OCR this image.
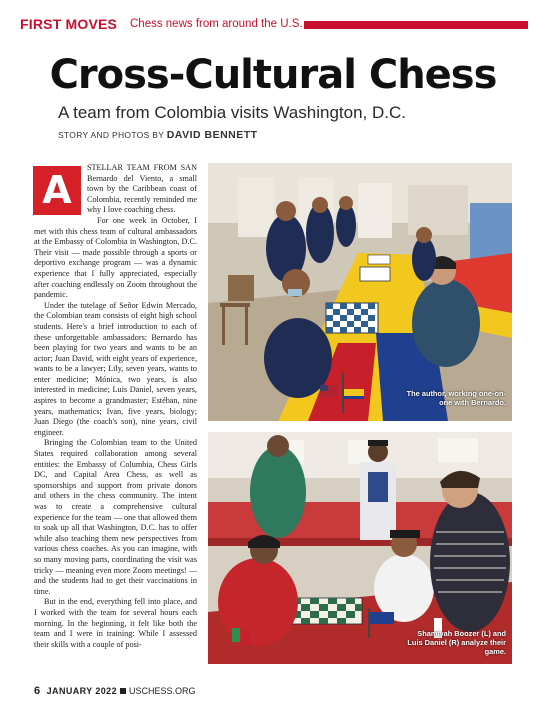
FIRST MOVES Chess news from around the U.S.
Cross-Cultural Chess
A team from Colombia visits Washington, D.C.
STORY AND PHOTOS BY DAVID BENNETT
A

STELLAR TEAM FROM SAN Bernardo del Viento, a small town by the Caribbean coast of Colombia, recently reminded me why I love coaching chess.

For one week in October, I met with this chess team of cultural ambassadors at the Embassy of Colombia in Washington, D.C. Their visit — made possible through a sports or deportivo exchange program — was a dynamic experience that I fully appreciated, especially after coaching endlessly on Zoom throughout the pandemic.

Under the tutelage of Señor Edwin Mercado, the Colombian team consists of eight high school students. Here's a brief introduction to each of these unforgettable ambassadors: Bernardo has been playing for two years and wants to be an actor; Juan David, with eight years of experience, wants to be a lawyer; Lily, seven years, wants to enter medicine; Mónica, two years, is also interested in medicine; Luis Daniel, seven years, aspires to become a grandmaster; Estéban, nine years, mathematics; Ivan, five years, biology; Juan Diego (the coach's son), nine years, civil engineer.

Bringing the Colombian team to the United States required collaboration among several entities: the Embassy of Columbia, Chess Girls DC, and Capital Area Chess, as well as sponsorships and support from private donors and others in the chess community. The intent was to create a comprehensive cultural experience for the team — one that allowed them to soak up all that Washington, D.C. has to offer while also teaching them new perspectives from various chess coaches. As you can imagine, with so many moving parts, coordinating the visit was tricky — meaning even more Zoom meetings! — and the students had to get their vaccinations in time.

But in the end, everything fell into place, and I worked with the team for several hours each morning. In the beginning, it felt like both the team and I were in training: While I assessed their skills with a couple of posi-

The author, working one-on-one with Bernardo.
Shamiyah Boozer (L) and Luis Daniel (R) analyze their game.
6 JANUARY 2022 USCHESS.ORG
